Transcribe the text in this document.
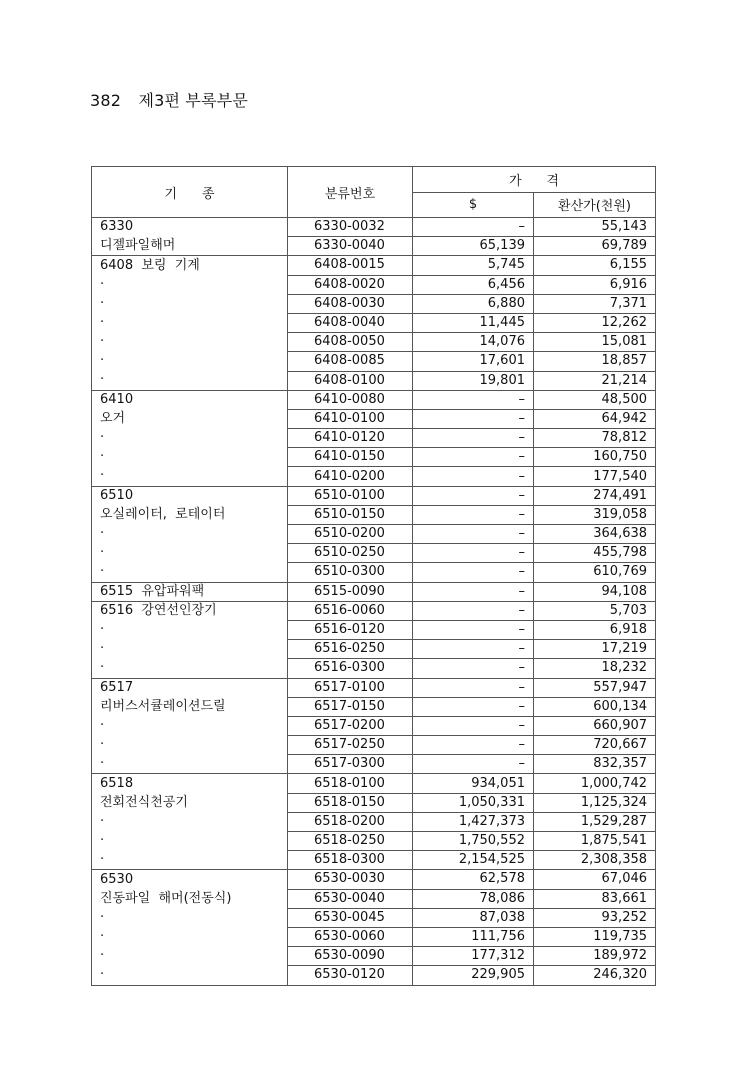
382 제3편 부록부문
기      종	분류번호	가      격	
		$	환산가(천원)
6330	6330-0032	–	55,143
디젤파일해머	6330-0040	65,139	69,789
6408  보링  기계	6408-0015	5,745	6,155
·	6408-0020	6,456	6,916
·	6408-0030	6,880	7,371
·	6408-0040	11,445	12,262
·	6408-0050	14,076	15,081
·	6408-0085	17,601	18,857
·	6408-0100	19,801	21,214
6410	6410-0080	–	48,500
오거	6410-0100	–	64,942
·	6410-0120	–	78,812
·	6410-0150	–	160,750
·	6410-0200	–	177,540
6510	6510-0100	–	274,491
오실레이터,  로테이터	6510-0150	–	319,058
·	6510-0200	–	364,638
·	6510-0250	–	455,798
·	6510-0300	–	610,769
6515  유압파워팩	6515-0090	–	94,108
6516  강연선인장기	6516-0060	–	5,703
·	6516-0120	–	6,918
·	6516-0250	–	17,219
·	6516-0300	–	18,232
6517	6517-0100	–	557,947
리버스서큘레이션드릴	6517-0150	–	600,134
·	6517-0200	–	660,907
·	6517-0250	–	720,667
·	6517-0300	–	832,357
6518	6518-0100	934,051	1,000,742
전회전식천공기	6518-0150	1,050,331	1,125,324
·	6518-0200	1,427,373	1,529,287
·	6518-0250	1,750,552	1,875,541
·	6518-0300	2,154,525	2,308,358
6530	6530-0030	62,578	67,046
진동파일  해머(전동식)	6530-0040	78,086	83,661
·	6530-0045	87,038	93,252
·	6530-0060	111,756	119,735
·	6530-0090	177,312	189,972
·	6530-0120	229,905	246,320
